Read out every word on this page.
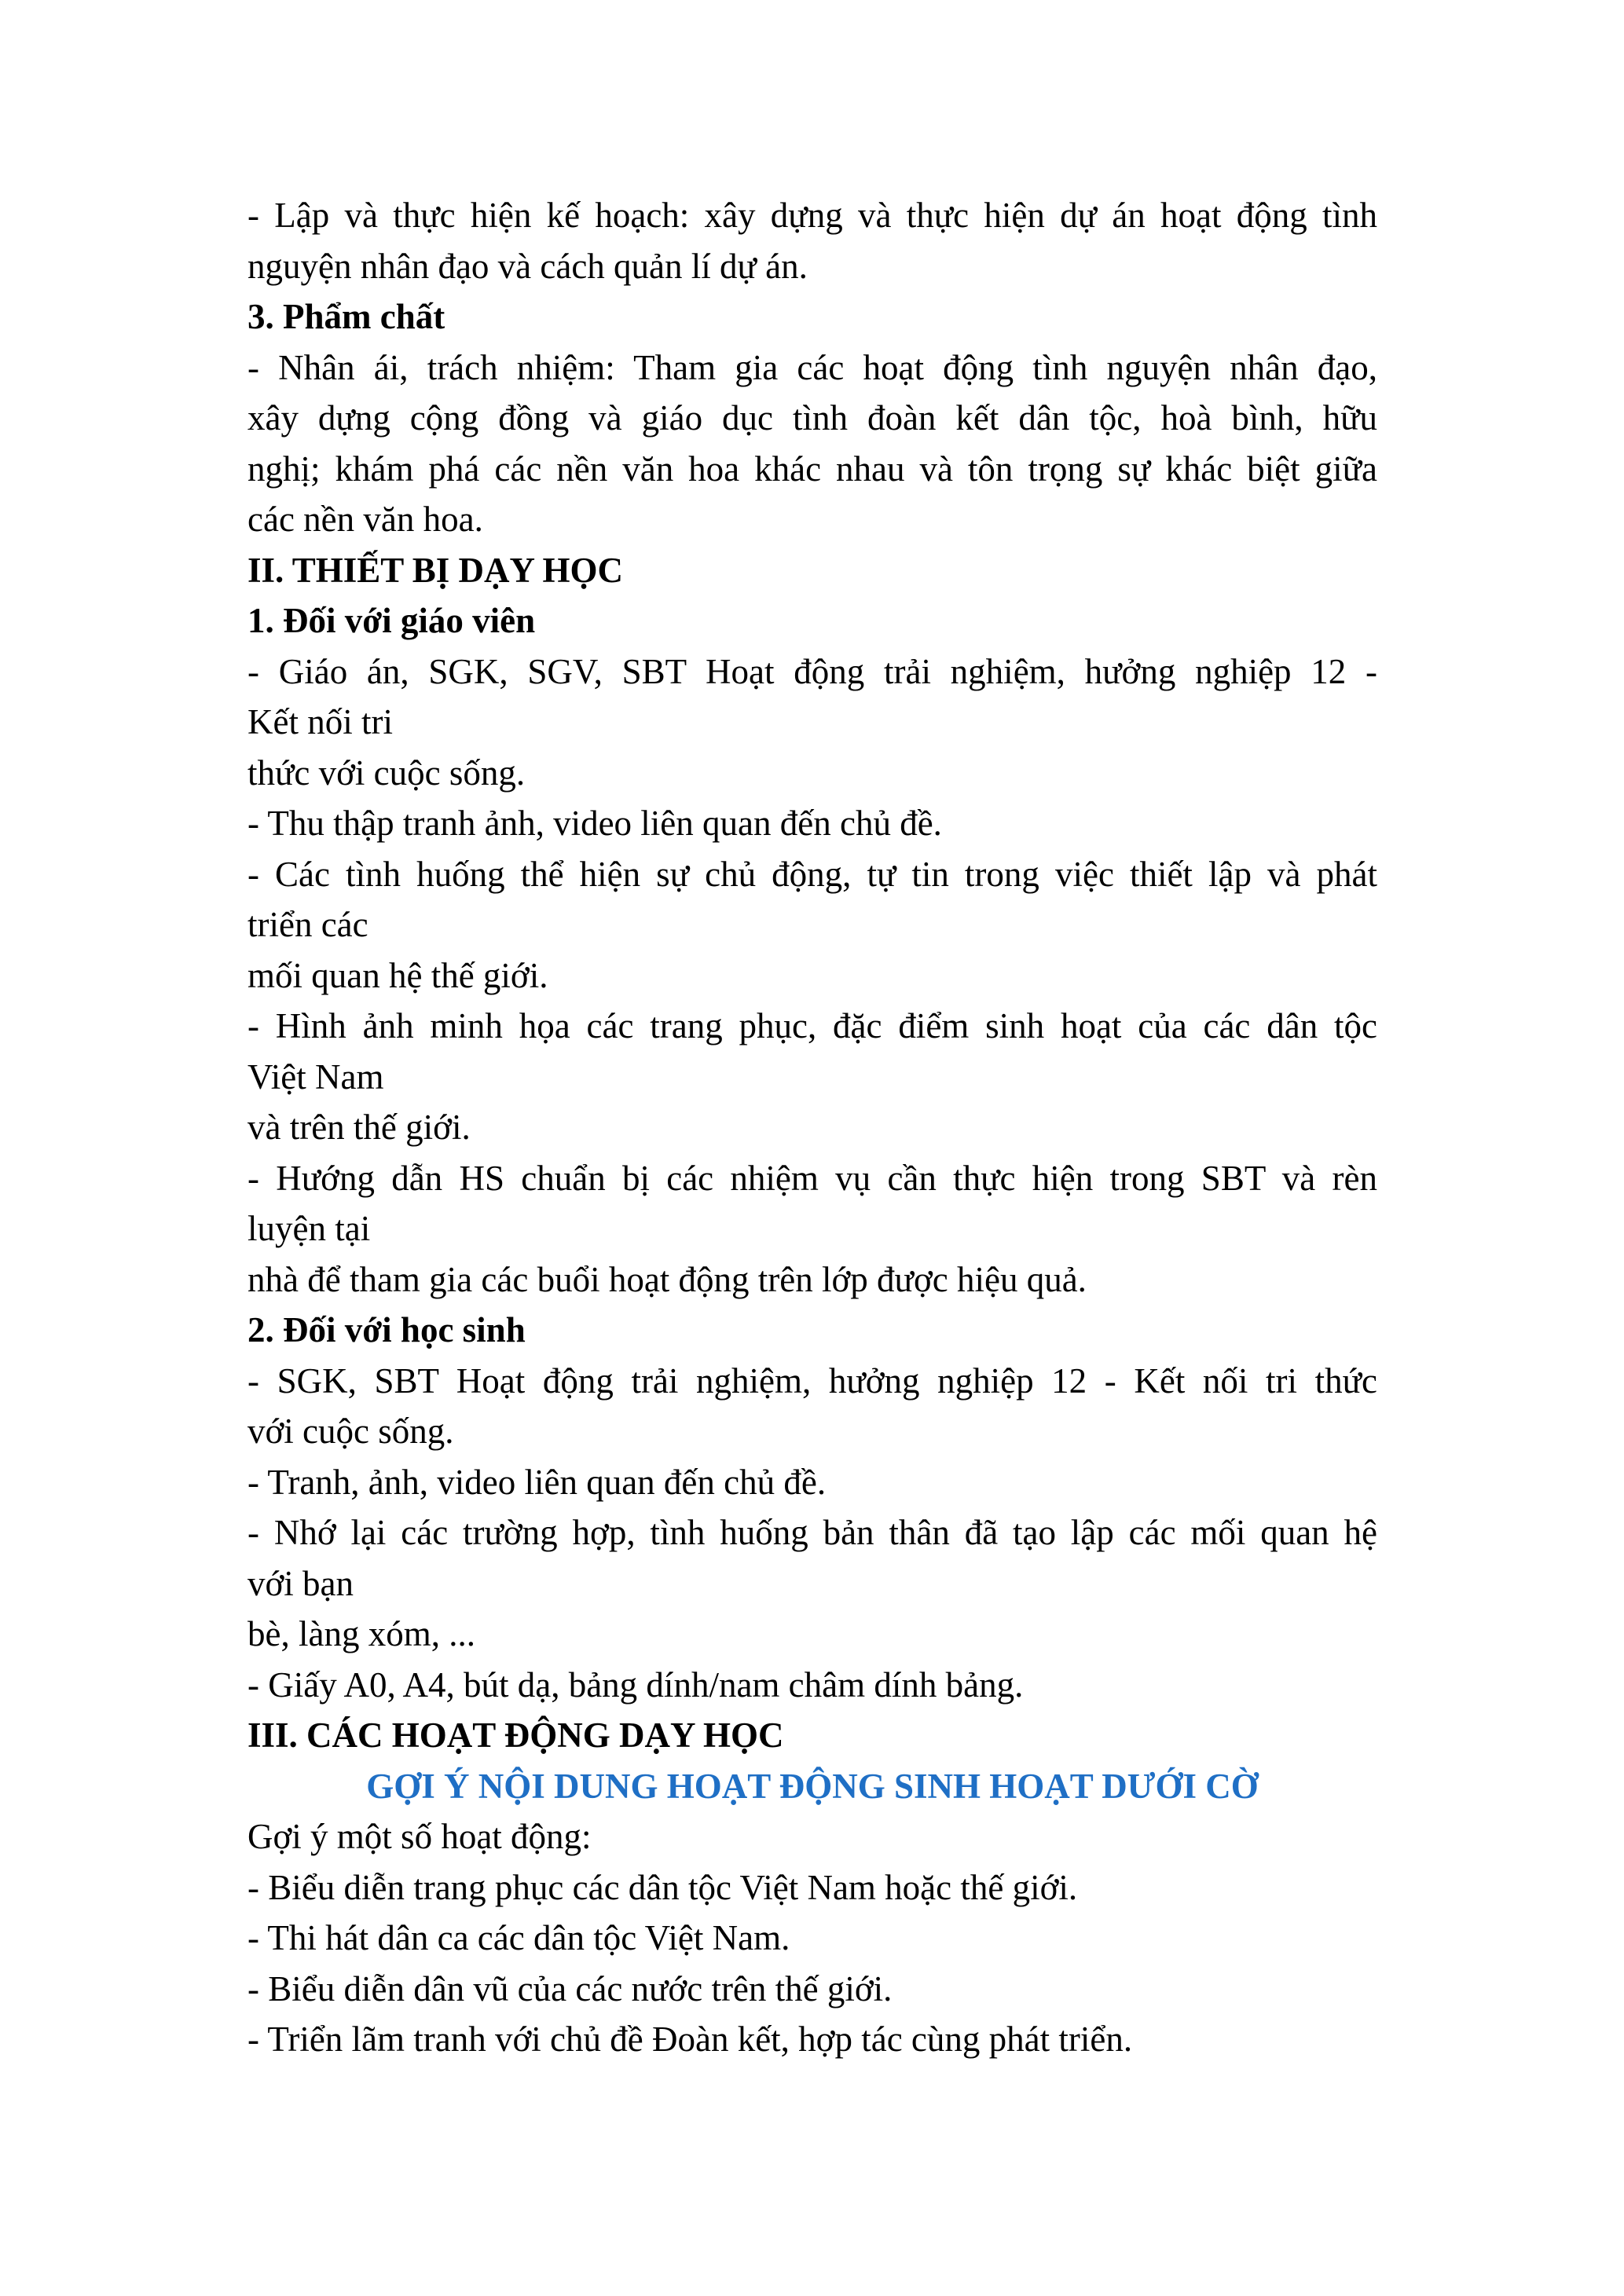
- Lập và thực hiện kế hoạch: xây dựng và thực hiện dự án hoạt động tình
nguyện nhân đạo và cách quản lí dự án.
3. Phẩm chất
- Nhân ái, trách nhiệm: Tham gia các hoạt động tình nguyện nhân đạo,
xây dựng cộng đồng và giáo dục tình đoàn kết dân tộc, hoà bình, hữu
nghị; khám phá các nền văn hoa khác nhau và tôn trọng sự khác biệt giữa
các nền văn hoa.
II. THIẾT BỊ DẠY HỌC
1. Đối với giáo viên
- Giáo án, SGK, SGV, SBT Hoạt động trải nghiệm, hưởng nghiệp 12 -
Kết nối tri
thức với cuộc sống.
- Thu thập tranh ảnh, video liên quan đến chủ đề.
- Các tình huống thể hiện sự chủ động, tự tin trong việc thiết lập và phát
triển các
mối quan hệ thế giới.
- Hình ảnh minh họa các trang phục, đặc điểm sinh hoạt của các dân tộc
Việt Nam
và trên thế giới.
- Hướng dẫn HS chuẩn bị các nhiệm vụ cần thực hiện trong SBT và rèn
luyện tại
nhà để tham gia các buổi hoạt động trên lớp được hiệu quả.
2. Đối với học sinh
- SGK, SBT Hoạt động trải nghiệm, hưởng nghiệp 12 - Kết nối tri thức
với cuộc sống.
- Tranh, ảnh, video liên quan đến chủ đề.
- Nhớ lại các trường hợp, tình huống bản thân đã tạo lập các mối quan hệ
với bạn
bè, làng xóm, ...
- Giấy A0, A4, bút dạ, bảng dính/nam châm dính bảng.
III. CÁC HOẠT ĐỘNG DẠY HỌC
GỢI Ý NỘI DUNG HOẠT ĐỘNG SINH HOẠT DƯỚI CỜ
Gợi ý một số hoạt động:
- Biểu diễn trang phục các dân tộc Việt Nam hoặc thế giới.
- Thi hát dân ca các dân tộc Việt Nam.
- Biểu diễn dân vũ của các nước trên thế giới.
- Triển lãm tranh với chủ đề Đoàn kết, hợp tác cùng phát triển.
